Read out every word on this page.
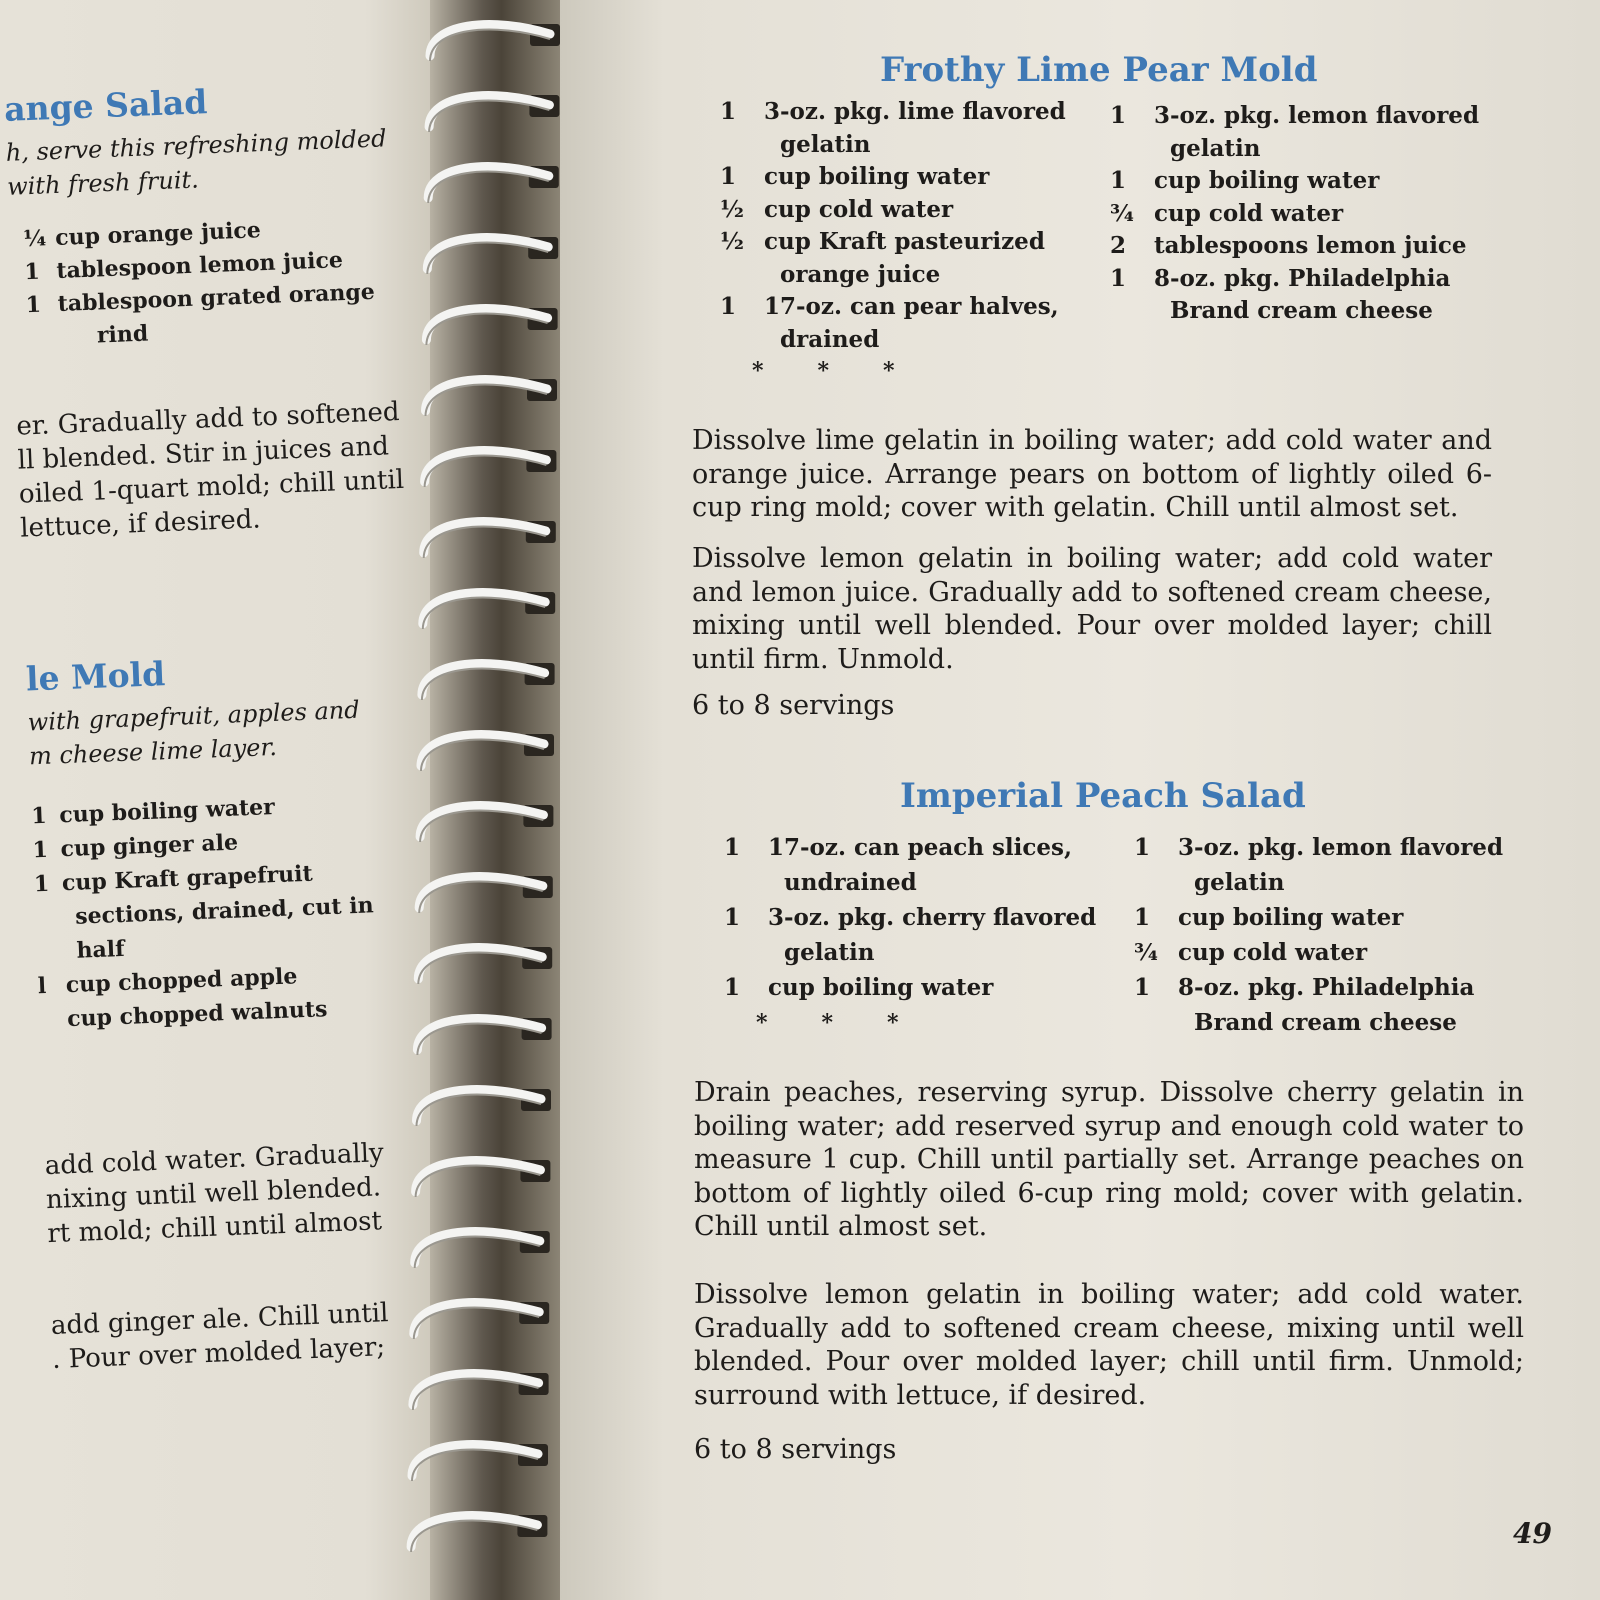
ange Salad
h, serve this refreshing molded
with fresh fruit.
¼ cup orange juice
1 tablespoon lemon juice
1 tablespoon grated orange
rind
er. Gradually add to softened
ll blended. Stir in juices and
oiled 1-quart mold; chill until
lettuce, if desired.
le Mold
with grapefruit, apples and
m cheese lime layer.
1 cup boiling water
1 cup ginger ale
1 cup Kraft grapefruit
sections, drained, cut in
half
l cup chopped apple
cup chopped walnuts
add cold water. Gradually
nixing until well blended.
rt mold; chill until almost
add ginger ale. Chill until
. Pour over molded layer;
Frothy Lime Pear Mold
1	3-oz. pkg. lime flavored
gelatin
1	cup boiling water
½ cup cold water
½ cup Kraft pasteurized
orange juice
1	17-oz. can pear halves,
drained
***
1	3-oz. pkg. lemon flavored
gelatin
1	cup boiling water
¾ cup cold water
2	tablespoons lemon juice
1	8-oz. pkg. Philadelphia
Brand cream cheese
Dissolve lime gelatin in boiling water; add cold water and orange juice. Arrange pears on bottom of lightly oiled 6-cup ring mold; cover with gelatin. Chill until almost set.
Dissolve lemon gelatin in boiling water; add cold water and lemon juice. Gradually add to softened cream cheese, mixing until well blended. Pour over molded layer; chill until firm. Unmold.
6 to 8 servings
Imperial Peach Salad
1	17-oz. can peach slices,
undrained
1	3-oz. pkg. cherry flavored
gelatin
1	cup boiling water
***
1	3-oz. pkg. lemon flavored
gelatin
1	cup boiling water
¾ cup cold water
1	8-oz. pkg. Philadelphia
Brand cream cheese
Drain peaches, reserving syrup. Dissolve cherry gelatin in boiling water; add reserved syrup and enough cold water to measure 1 cup. Chill until partially set. Arrange peaches on bottom of lightly oiled 6-cup ring mold; cover with gelatin. Chill until almost set.
Dissolve lemon gelatin in boiling water; add cold water. Gradually add to softened cream cheese, mixing until well blended. Pour over molded layer; chill until firm. Unmold; surround with lettuce, if desired.
6 to 8 servings
49
